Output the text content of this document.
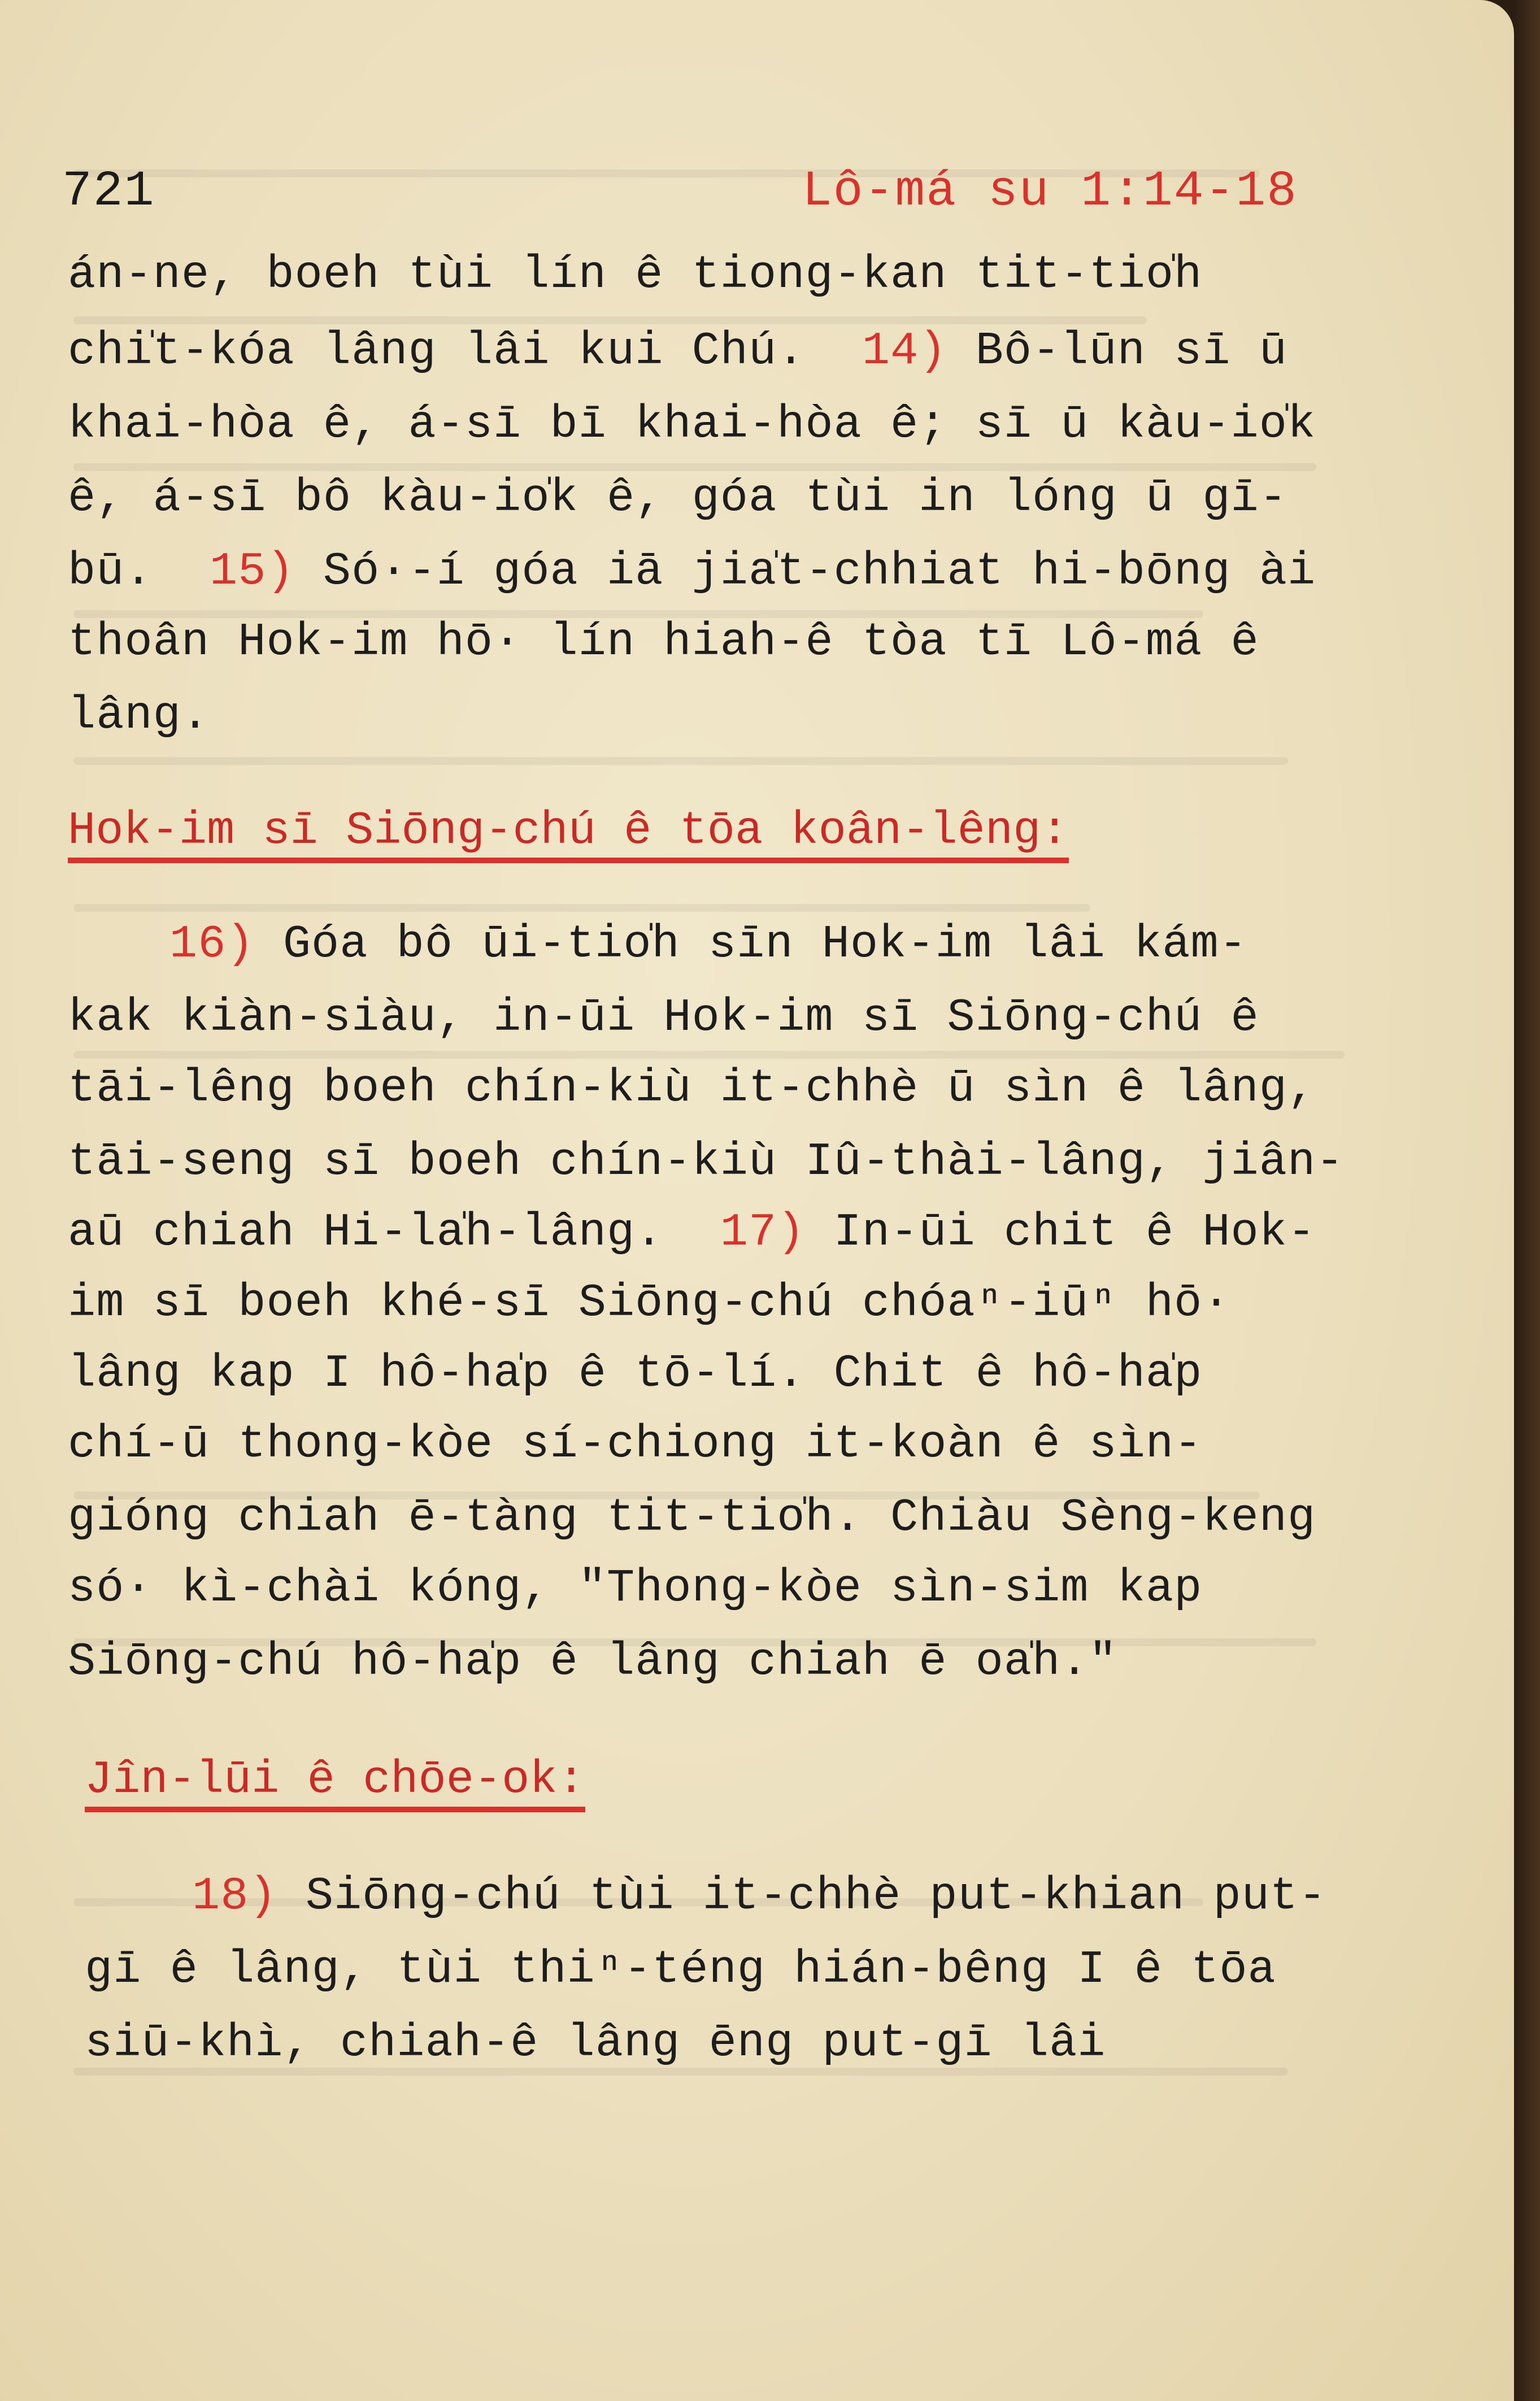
721	Lô-má su 1:14-18
án-ne, boeh tùi lín ê tiong-kan tit-tio̍h
chi̍t-kóa lâng lâi kui Chú. 14) Bô-lūn sī ū
khai-hòa ê, á-sī bī khai-hòa ê; sī ū kàu-io̍k
ê, á-sī bô kàu-io̍k ê, góa tùi in lóng ū gī-
bū. 15) Só·-í góa iā jia̍t-chhiat hi-bōng ài
thoân Hok-im hō· lín hiah-ê tòa tī Lô-má ê
lâng.
Hok-im sī Siōng-chú ê tōa koân-lêng:
16) Góa bô ūi-tio̍h sīn Hok-im lâi kám-
kak kiàn-siàu, in-ūi Hok-im sī Siōng-chú ê
tāi-lêng boeh chín-kiù it-chhè ū sìn ê lâng,
tāi-seng sī boeh chín-kiù Iû-thài-lâng, jiân-
aū chiah Hi-la̍h-lâng. 17) In-ūi chit ê Hok-
im sī boeh khé-sī Siōng-chú chóaⁿ-iūⁿ hō·
lâng kap I hô-ha̍p ê tō-lí. Chit ê hô-ha̍p
chí-ū thong-kòe sí-chiong it-koàn ê sìn-
gióng chiah ē-tàng tit-tio̍h. Chiàu Sèng-keng
só· kì-chài kóng, "Thong-kòe sìn-sim kap
Siōng-chú hô-ha̍p ê lâng chiah ē oa̍h."
Jîn-lūi ê chōe-ok:
18) Siōng-chú tùi it-chhè put-khian put-
gī ê lâng, tùi thiⁿ-téng hián-bêng I ê tōa
siū-khì, chiah-ê lâng ēng put-gī lâi
